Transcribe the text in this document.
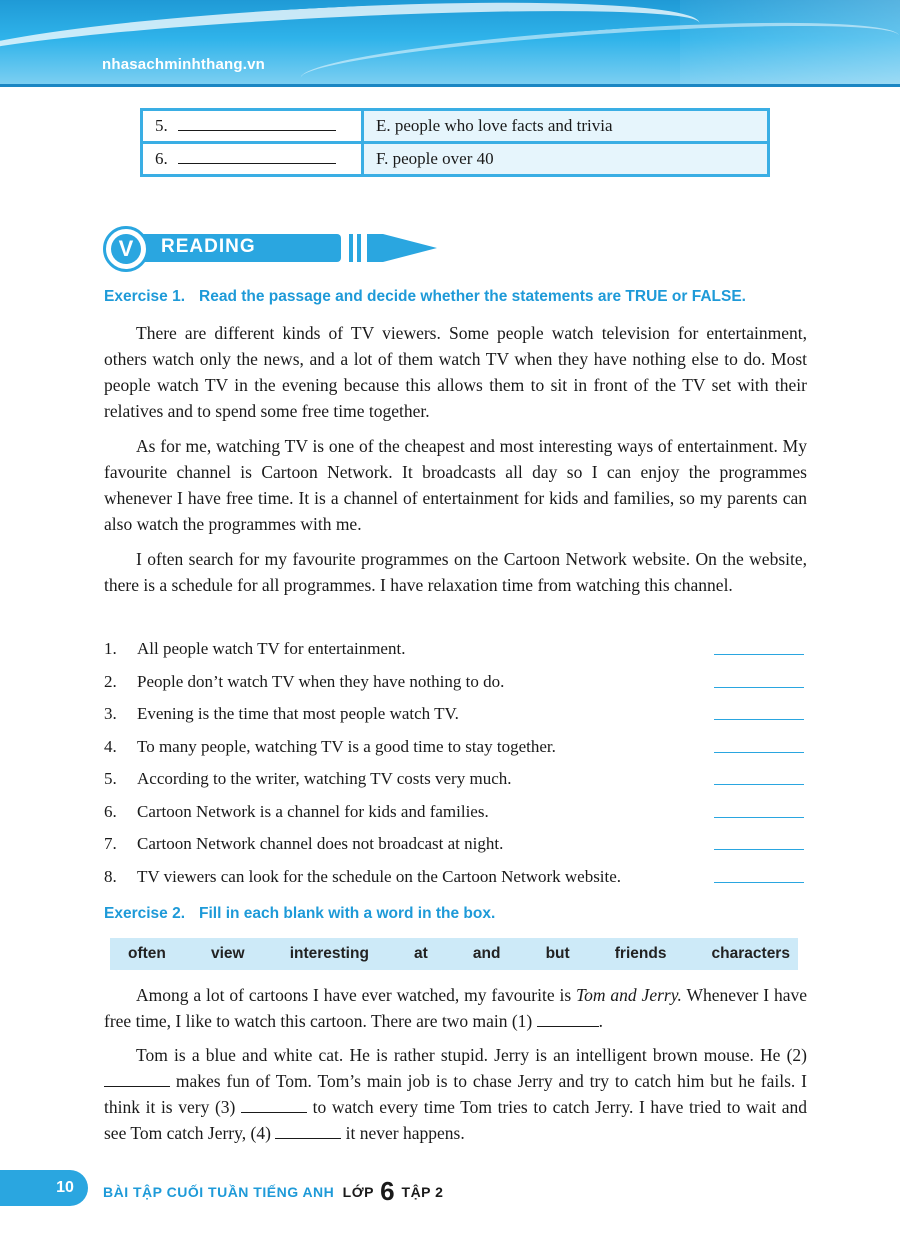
nhasachminhthang.vn
5.	E. people who love facts and trivia
6.	F. people over 40
V	READING
Exercise 1. Read the passage and decide whether the statements are TRUE or FALSE.

There are different kinds of TV viewers. Some people watch television for entertainment, others watch only the news, and a lot of them watch TV when they have nothing else to do. Most people watch TV in the evening because this allows them to sit in front of the TV set with their relatives and to spend some free time together.

As for me, watching TV is one of the cheapest and most interesting ways of entertainment. My favourite channel is Cartoon Network. It broadcasts all day so I can enjoy the programmes whenever I have free time. It is a channel of entertainment for kids and families, so my parents can also watch the programmes with me.

I often search for my favourite programmes on the Cartoon Network website. On the website, there is a schedule for all programmes. I have relaxation time from watching this channel.

1. All people watch TV for entertainment.
2. People don’t watch TV when they have nothing to do.
3. Evening is the time that most people watch TV.
4. To many people, watching TV is a good time to stay together.
5. According to the writer, watching TV costs very much.
6. Cartoon Network is a channel for kids and families.
7. Cartoon Network channel does not broadcast at night.
8. TV viewers can look for the schedule on the Cartoon Network website.
Exercise 2. Fill in each blank with a word in the box.
often	view	interesting	at	and	but	friends	characters

Among a lot of cartoons I have ever watched, my favourite is Tom and Jerry. Whenever I have free time, I like to watch this cartoon. There are two main (1)	.

Tom is a blue and white cat. He is rather stupid. Jerry is an intelligent brown mouse. He (2)  makes fun of Tom. Tom’s main job is to chase Jerry and try to catch him but he fails. I think it is very (3)	to watch every time Tom tries to catch Jerry. I have tried to wait and see Tom catch Jerry, (4)	it never happens.

10	BÀI TẬP CUỐI TUẦN TIẾNG ANH LỚP 6 TẬP 2
